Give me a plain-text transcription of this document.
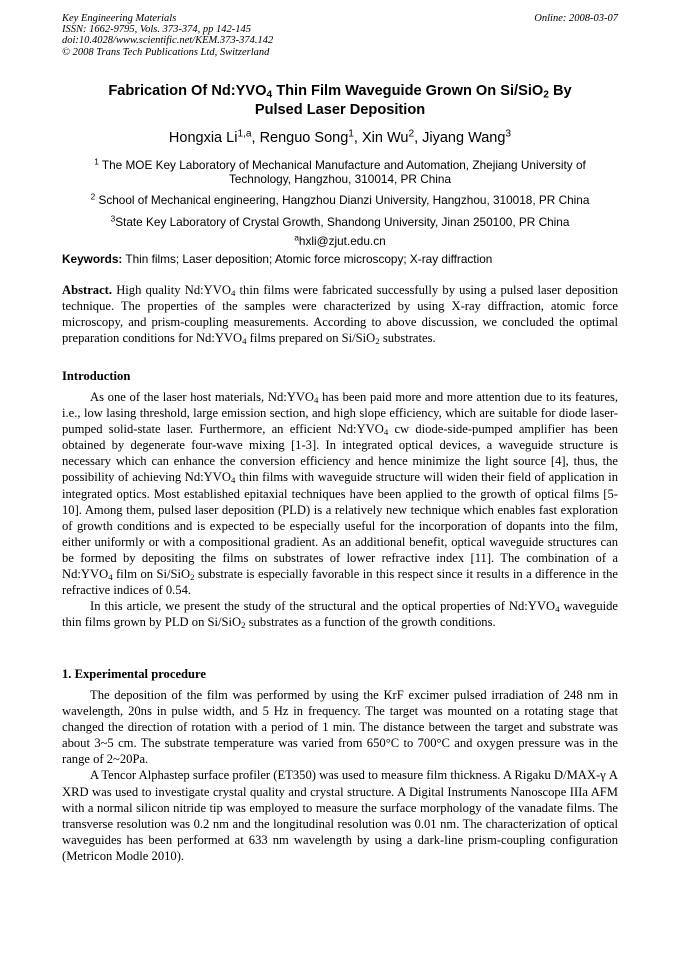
Key Engineering Materials
ISSN: 1662-9795, Vols. 373-374, pp 142-145
doi:10.4028/www.scientific.net/KEM.373-374.142
© 2008 Trans Tech Publications Ltd, Switzerland
Online: 2008-03-07
Fabrication Of $Nd:YVO_4$ Thin Film Waveguide Grown On Si/SiO$_2$ By
Pulsed Laser Deposition
Hongxia Li$^{1,a}$, Renguo Song$^1$, Xin Wu$^2$, Jiyang Wang$^3$
$^1$ The MOE Key Laboratory of Mechanical Manufacture and Automation, Zhejiang University of
Technology, Hangzhou, 310014, PR China
$^2$ School of Mechanical engineering, Hangzhou Dianzi University, Hangzhou, 310018, PR China
$^3$State Key Laboratory of Crystal Growth, Shandong University, Jinan 250100, PR China
$^a$hxli@zjut.edu.cn
Keywords: Thin films; Laser deposition; Atomic force microscopy; X-ray diffraction
Abstract. High quality $Nd:YVO_4$ thin films were fabricated successfully by using a pulsed laser deposition technique. The properties of the samples were characterized by using X-ray diffraction, atomic force microscopy, and prism-coupling measurements. According to above discussion, we concluded the optimal preparation conditions for $Nd:YVO_4$ films prepared on Si/SiO$_2$ substrates.
Introduction

As one of the laser host materials, $Nd:YVO_4$ has been paid more and more attention due to its features, i.e., low lasing threshold, large emission section, and high slope efficiency, which are suitable for diode laser-pumped solid-state laser. Furthermore, an efficient $Nd:YVO_4$ cw diode-side-pumped amplifier has been obtained by degenerate four-wave mixing [1-3]. In integrated optical devices, a waveguide structure is necessary which can enhance the conversion efficiency and hence minimize the light source [4], thus, the possibility of achieving $Nd:YVO_4$ thin films with waveguide structure will widen their field of application in integrated optics. Most established epitaxial techniques have been applied to the growth of optical films [5-10]. Among them, pulsed laser deposition (PLD) is a relatively new technique which enables fast exploration of growth conditions and is expected to be especially useful for the incorporation of dopants into the film, either uniformly or with a compositional gradient. As an additional benefit, optical waveguide structures can be formed by depositing the films on substrates of lower refractive index [11]. The combination of a $Nd:YVO_4$ film on Si/SiO$_2$ substrate is especially favorable in this respect since it results in a difference in the refractive indices of 0.54.

In this article, we present the study of the structural and the optical properties of $Nd:YVO_4$ waveguide thin films grown by PLD on Si/SiO$_2$ substrates as a function of the growth conditions.

1. Experimental procedure

The deposition of the film was performed by using the KrF excimer pulsed irradiation of 248 nm in wavelength, 20ns in pulse width, and 5 Hz in frequency. The target was mounted on a rotating stage that changed the direction of rotation with a period of 1 min. The distance between the target and substrate was about 3~5 cm. The substrate temperature was varied from 650°C to 700°C and oxygen pressure was in the range of 2~20Pa.

A Tencor Alphastep surface profiler (ET350) was used to measure film thickness. A Rigaku D/MAX-γ A XRD was used to investigate crystal quality and crystal structure. A Digital Instruments Nanoscope IIIa AFM with a normal silicon nitride tip was employed to measure the surface morphology of the vanadate films. The transverse resolution was 0.2 nm and the longitudinal resolution was 0.01 nm. The characterization of optical waveguides has been performed at 633 nm wavelength by using a dark-line prism-coupling configuration (Metricon Modle 2010).
